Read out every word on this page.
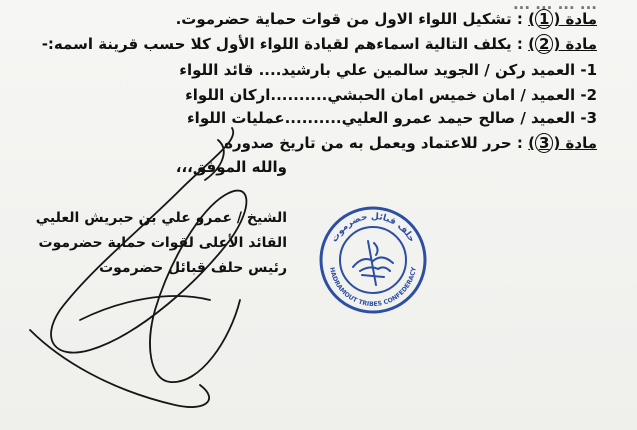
... ... ... ...
مادة (1) : تشكيل اللواء الاول من قوات حماية حضرموت.
مادة (2) : يكلف التالية اسماءهم لقيادة اللواء الأول كلا حسب قرينة اسمه:-
1- العميد ركن / الجويد سالمين علي بارشيد.... قائد اللواء
2- العميد / امان خميس امان الحبشي..........اركان اللواء
3- العميد / صالح حيمد عمرو العليي..........عمليات اللواء
مادة (3) : حرر للاعتماد ويعمل به من تاريخ صدوره
والله الموفق،،،
الشيخ / عمرو علي بن حبريش العليي
القائد الأعلى لقوات حماية حضرموت
رئيس حلف قبائل حضرموت
حلف قبائل حضرموت
HADRAMOUT TRIBES CONFEDERACY
